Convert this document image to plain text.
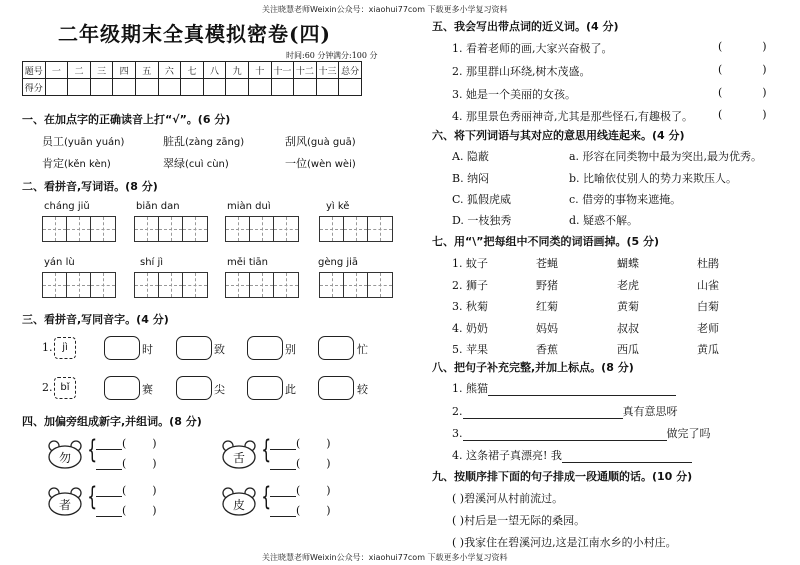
关注晓慧老师Weixin公众号：xiaohui77com 下载更多小学复习资料
关注晓慧老师Weixin公众号：xiaohui77com 下载更多小学复习资料
二年级期末全真模拟密卷(四)
时间:60 分钟 满分:100 分
题号	一	二	三	四	五	六	七	八	九	十	十一	十二	十三	总分
得分														
一、在加点字的正确读音上打“√”。(6 分)
员工(yuān yuán)	脏乱(zàng zāng)	刮风(guà guā)
肯定(kěn kèn)	翠绿(cuì cùn)	一位(wèn wèi)
二、看拼音,写词语。(8 分)
cháng jiǔ	biǎn dan	miàn duì	yì kě
yán lù	shí jì	měi tiān	gèng jiā
三、看拼音,写同音字。(4 分)
1. jì	时	致	别	忙
2. bǐ	赛	尖	此	较
四、加偏旁组成新字,并组词。(8 分)
勿 {	( )
( )	舌 {	( )
( )
者 {	( )
( )	皮 {	( )
( )
五、我会写出带点词的近义词。(4 分)
1. 看着老师的画,大家兴奋极了。
2. 那里群山环绕,树木茂盛。
3. 她是一个美丽的女孩。
4. 那里景色秀丽神奇,尤其是那些怪石,有趣极了。
(	)
(	)
(	)
(	)
六、将下列词语与其对应的意思用线连起来。(4 分)
A. 隐蔽
B. 纳闷
C. 狐假虎威
D. 一枝独秀
a. 形容在同类物中最为突出,最为优秀。
b. 比喻依仗别人的势力来欺压人。
c. 借旁的事物来遮掩。
d. 疑惑不解。
七、用“\”把每组中不同类的词语画掉。(5 分)
1. 蚊子	苍蝇	蝴蝶	杜鹃
2. 狮子	野猪	老虎	山雀
3. 秋菊	红菊	黄菊	白菊
4. 奶奶	妈妈	叔叔	老师
5. 苹果	香蕉	西瓜	黄瓜
八、把句子补充完整,并加上标点。(8 分)
1. 熊猫
2.	真有意思呀
3.	做完了吗
4. 这条裙子真漂亮! 我
九、按顺序排下面的句子排成一段通顺的话。(10 分)
( )碧溪河从村前流过。
( )村后是一望无际的桑园。
( )我家住在碧溪河边,这是江南水乡的小村庄。
